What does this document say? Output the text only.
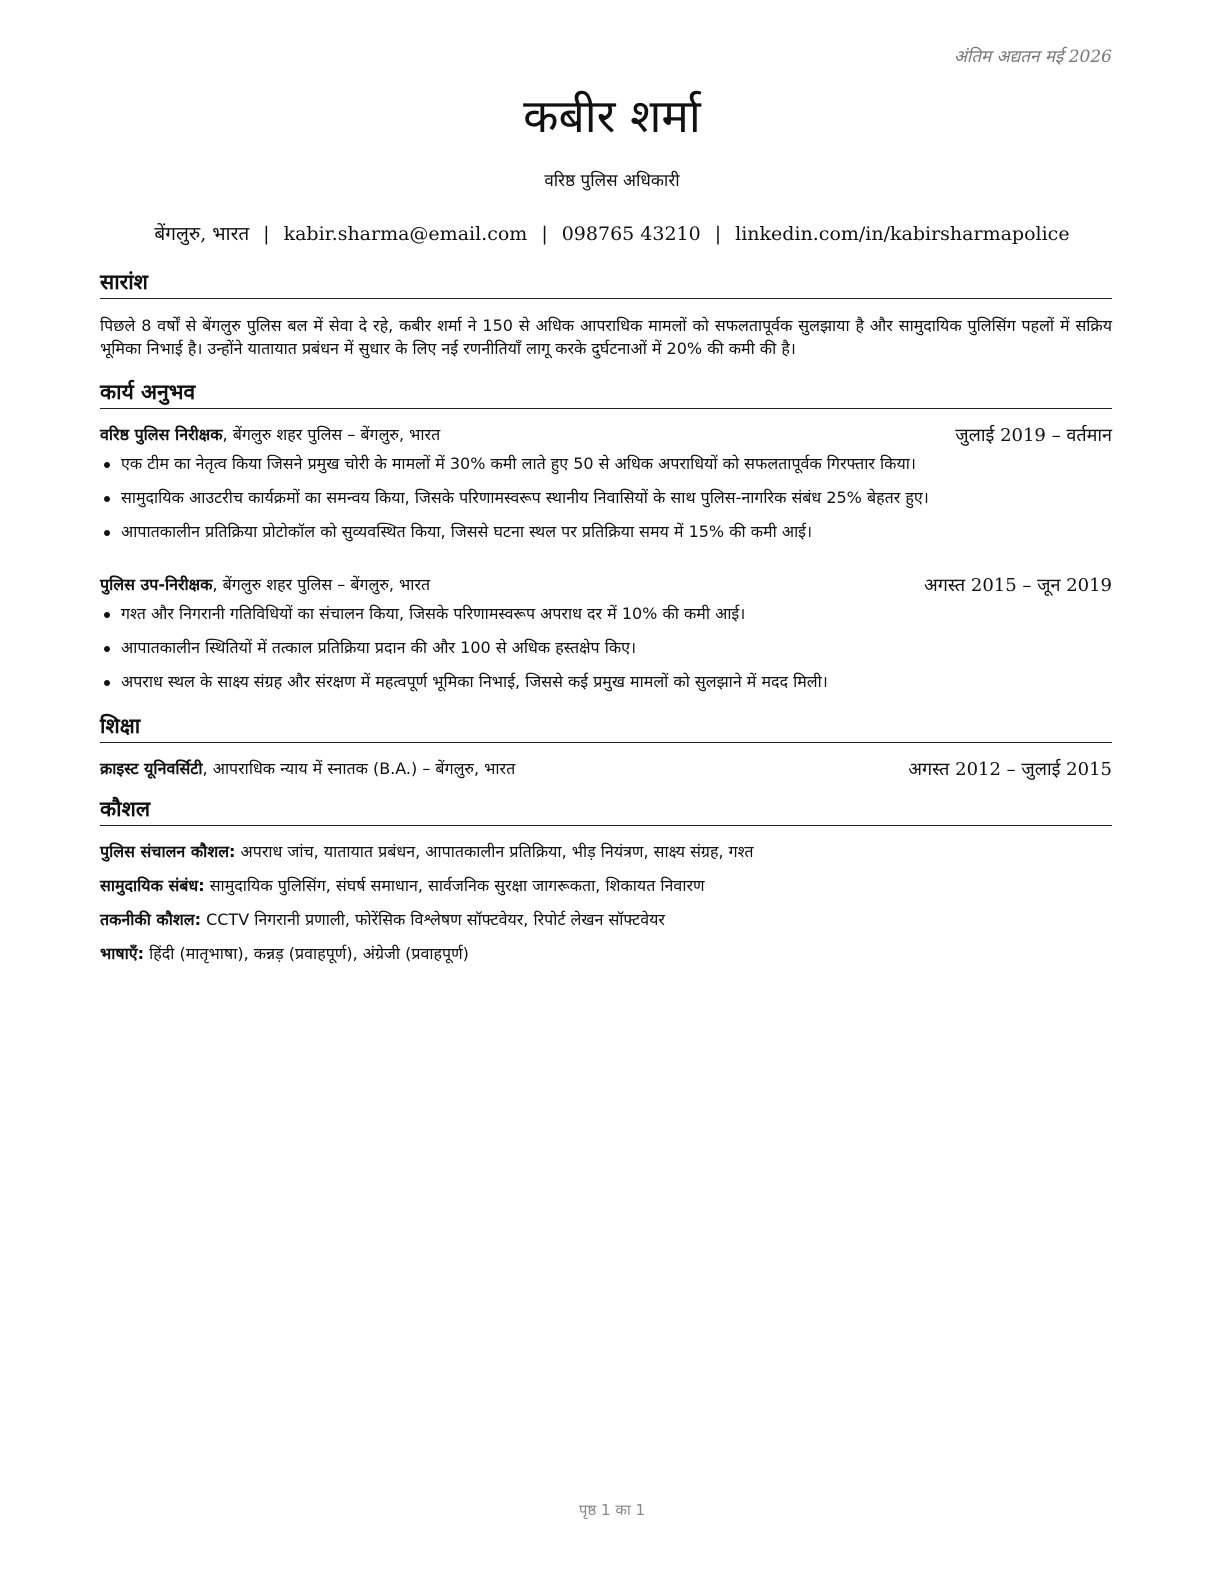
अंतिम अद्यतन मई 2026
कबीर शर्मा
वरिष्ठ पुलिस अधिकारी
बेंगलुरु, भारत | kabir.sharma@email.com | 098765 43210 | linkedin.com/in/kabirsharmapolice
सारांश
पिछले 8 वर्षों से बेंगलुरु पुलिस बल में सेवा दे रहे, कबीर शर्मा ने 150 से अधिक आपराधिक मामलों को सफलतापूर्वक सुलझाया है और सामुदायिक पुलिसिंग पहलों में सक्रिय भूमिका निभाई है। उन्होंने यातायात प्रबंधन में सुधार के लिए नई रणनीतियाँ लागू करके दुर्घटनाओं में 20% की कमी की है।
कार्य अनुभव
वरिष्ठ पुलिस निरीक्षक, बेंगलुरु शहर पुलिस – बेंगलुरु, भारत	जुलाई 2019 – वर्तमान
एक टीम का नेतृत्व किया जिसने प्रमुख चोरी के मामलों में 30% कमी लाते हुए 50 से अधिक अपराधियों को सफलतापूर्वक गिरफ्तार किया।
सामुदायिक आउटरीच कार्यक्रमों का समन्वय किया, जिसके परिणामस्वरूप स्थानीय निवासियों के साथ पुलिस-नागरिक संबंध 25% बेहतर हुए।
आपातकालीन प्रतिक्रिया प्रोटोकॉल को सुव्यवस्थित किया, जिससे घटना स्थल पर प्रतिक्रिया समय में 15% की कमी आई।
पुलिस उप-निरीक्षक, बेंगलुरु शहर पुलिस – बेंगलुरु, भारत	अगस्त 2015 – जून 2019
गश्त और निगरानी गतिविधियों का संचालन किया, जिसके परिणामस्वरूप अपराध दर में 10% की कमी आई।
आपातकालीन स्थितियों में तत्काल प्रतिक्रिया प्रदान की और 100 से अधिक हस्तक्षेप किए।
अपराध स्थल के साक्ष्य संग्रह और संरक्षण में महत्वपूर्ण भूमिका निभाई, जिससे कई प्रमुख मामलों को सुलझाने में मदद मिली।
शिक्षा
क्राइस्ट यूनिवर्सिटी, आपराधिक न्याय में स्नातक (B.A.) – बेंगलुरु, भारत	अगस्त 2012 – जुलाई 2015
कौशल
पुलिस संचालन कौशल: अपराध जांच, यातायात प्रबंधन, आपातकालीन प्रतिक्रिया, भीड़ नियंत्रण, साक्ष्य संग्रह, गश्त
सामुदायिक संबंध: सामुदायिक पुलिसिंग, संघर्ष समाधान, सार्वजनिक सुरक्षा जागरूकता, शिकायत निवारण
तकनीकी कौशल: CCTV निगरानी प्रणाली, फोरेंसिक विश्लेषण सॉफ्टवेयर, रिपोर्ट लेखन सॉफ्टवेयर
भाषाएँ: हिंदी (मातृभाषा), कन्नड़ (प्रवाहपूर्ण), अंग्रेजी (प्रवाहपूर्ण)
पृष्ठ 1 का 1
